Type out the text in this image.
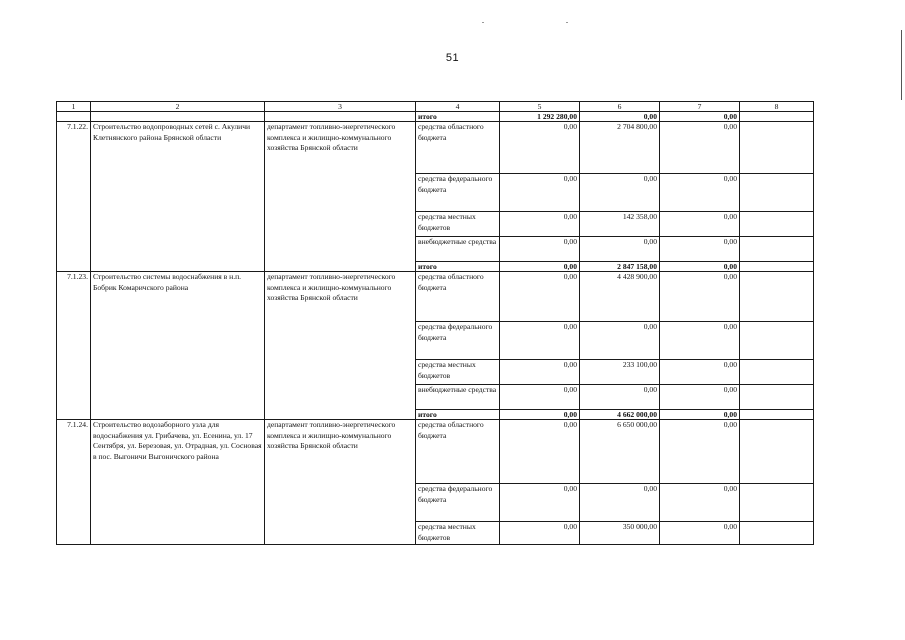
51
1	2	3	4	5	6	7	8
			итого	1 292 280,00	0,00	0,00	
7.1.22.	Строительство водопроводных сетей с. Акуличи Клетнянского района Брянской области	департамент топливно-энергетического комплекса и жилищно-коммунального хозяйства Брянской области	средства областного бюджета	0,00	2 704 800,00	0,00	
			средства федерального бюджета	0,00	0,00	0,00	
			средства местных бюджетов	0,00	142 358,00	0,00	
			внебюджетные средства	0,00	0,00	0,00	
			итого	0,00	2 847 158,00	0,00	
7.1.23.	Строительство системы водоснабжения в н.п. Бобрик Комаричского района	департамент топливно-энергетического комплекса и жилищно-коммунального хозяйства Брянской области	средства областного бюджета	0,00	4 428 900,00	0,00	
			средства федерального бюджета	0,00	0,00	0,00	
			средства местных бюджетов	0,00	233 100,00	0,00	
			внебюджетные средства	0,00	0,00	0,00	
			итого	0,00	4 662 000,00	0,00	
7.1.24.	Строительство водозаборного узла для водоснабжения ул. Грибачева, ул. Есенина, ул. 17 Сентября, ул. Березовая, ул. Отрадная, ул. Сосновая в пос. Выгоничи Выгоничского района	департамент топливно-энергетического комплекса и жилищно-коммунального хозяйства Брянской области	средства областного бюджета	0,00	6 650 000,00	0,00	
			средства федерального бюджета	0,00	0,00	0,00	
			средства местных бюджетов	0,00	350 000,00	0,00	
